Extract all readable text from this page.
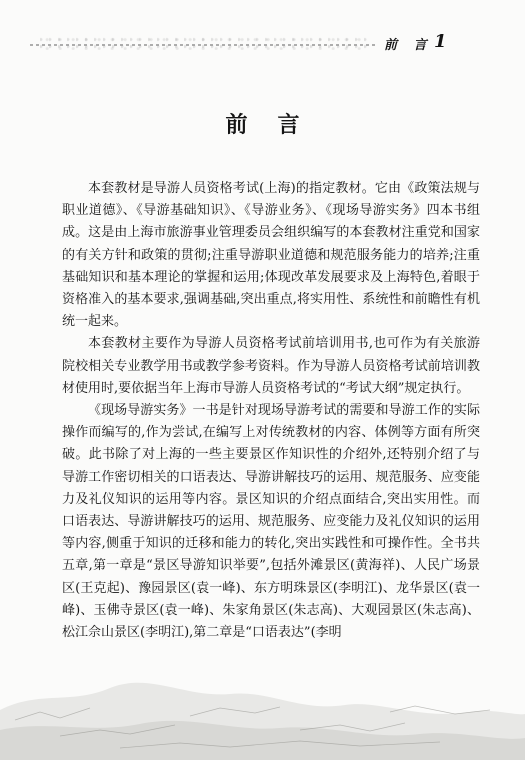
前 言 1
前言

本套教材是导游人员资格考试(上海)的指定教材。它由《政策法规与职业道德》、《导游基础知识》、《导游业务》、《现场导游实务》四本书组成。这是由上海市旅游事业管理委员会组织编写的本套教材注重党和国家的有关方针和政策的贯彻;注重导游职业道德和规范服务能力的培养;注重基础知识和基本理论的掌握和运用;体现改革发展要求及上海特色,着眼于资格准入的基本要求,强调基础,突出重点,将实用性、系统性和前瞻性有机统一起来。

本套教材主要作为导游人员资格考试前培训用书,也可作为有关旅游院校相关专业教学用书或教学参考资料。作为导游人员资格考试前培训教材使用时,要依据当年上海市导游人员资格考试的“考试大纲”规定执行。

《现场导游实务》一书是针对现场导游考试的需要和导游工作的实际操作而编写的,作为尝试,在编写上对传统教材的内容、体例等方面有所突破。此书除了对上海的一些主要景区作知识性的介绍外,还特别介绍了与导游工作密切相关的口语表达、导游讲解技巧的运用、规范服务、应变能力及礼仪知识的运用等内容。景区知识的介绍点面结合,突出实用性。而口语表达、导游讲解技巧的运用、规范服务、应变能力及礼仪知识的运用等内容,侧重于知识的迁移和能力的转化,突出实践性和可操作性。全书共五章,第一章是“景区导游知识举要”,包括外滩景区(黄海祥)、人民广场景区(王克起)、豫园景区(袁一峰)、东方明珠景区(李明江)、龙华景区(袁一峰)、玉佛寺景区(袁一峰)、朱家角景区(朱志高)、大观园景区(朱志高)、松江佘山景区(李明江),第二章是“口语表达”(李明
